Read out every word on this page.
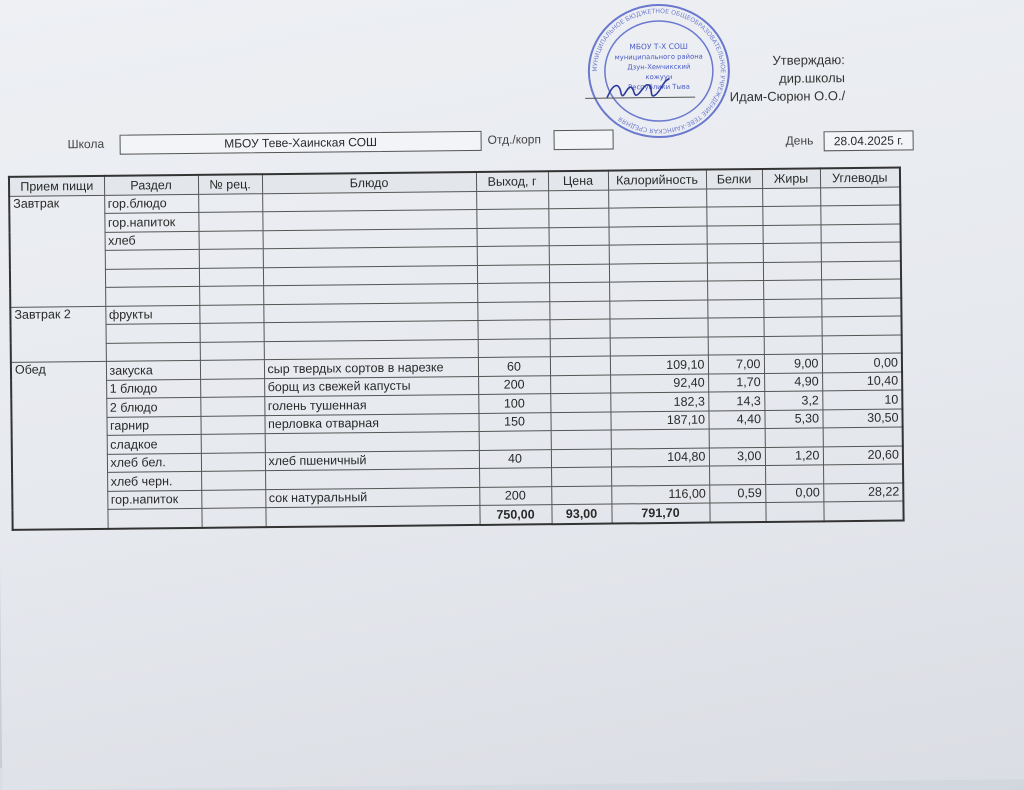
МУНИЦИПАЛЬНОЕ БЮДЖЕТНОЕ ОБЩЕОБРАЗОВАТЕЛЬНОЕ УЧРЕЖДЕНИЕ ТЕВЕ-ХАИНСКАЯ СРЕДНЯЯ
МБОУ Т-Х СОШ
муниципального района
Дзун-Хемчикский
кожуун
Республики Тыва
Утверждаю:
дир.школы
Идам-Сюрюн О.О./
Школа	МБОУ Теве-Хаинская СОШ	Отд./корп	День	28.04.2025 г.
Прием пищи	Раздел	№ рец.	Блюдо	Выход, г	Цена	Калорийность	Белки	Жиры	Углеводы
Завтрак	гор.блюдо								
	гор.напиток								
	хлеб								

Завтрак 2	фрукты								

Обед	закуска		сыр твердых сортов в нарезке	60		109,10	7,00	9,00	0,00
	1 блюдо		борщ из свежей капусты	200		92,40	1,70	4,90	10,40
	2 блюдо		голень тушенная	100		182,3	14,3	3,2	10
	гарнир		перловка отварная	150		187,10	4,40	5,30	30,50
	сладкое								
	хлеб бел.		хлеб пшеничный	40		104,80	3,00	1,20	20,60
	хлеб черн.								
	гор.напиток		сок натуральный	200		116,00	0,59	0,00	28,22
				750,00	93,00	791,70			
